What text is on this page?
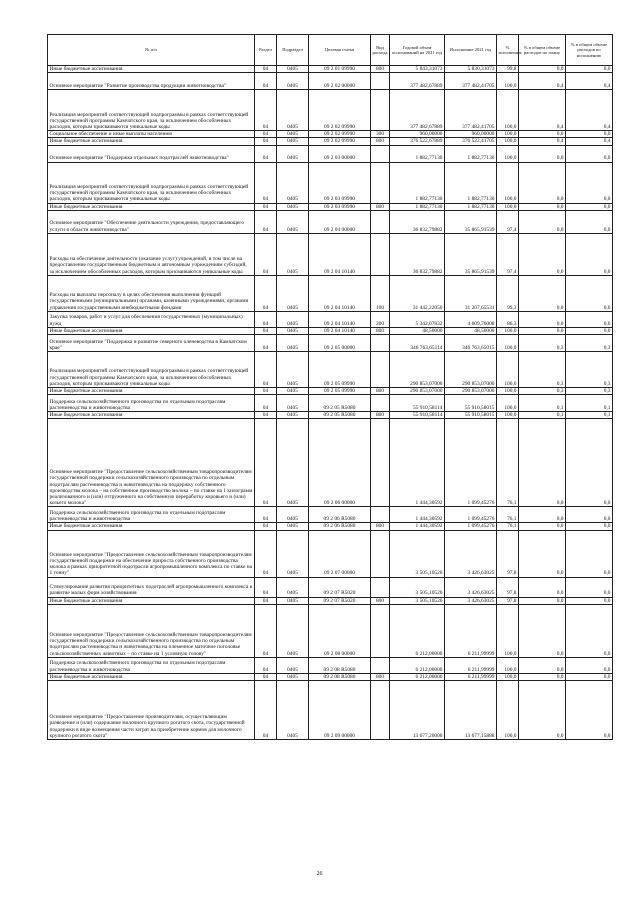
№ п/п	Раздел	Подраздел	Целевая статья	Вид расхода	Годовой объем ассигнований на 2021 год	Исполнение 2021 год	% исполнения	% в общем объеме расходов по плану	% в общем объеме расходов по исполнению
Иные бюджетные ассигнования	04	0405	09 2 01 09990	800	5 843,31073	5 830,31073	99,8	0,0	0,0
Основное мероприятие "Развитие производства продукции животноводства"	04	0405	09 2 02 00000		377 482,67889	377 482,41705	100,0	0,4	0,4
Реализация мероприятий соответствующей подпрограммы в рамках соответствующей государственной программы Камчатского края, за исключением обособленных расходов, которым присваиваются уникальные коды	04	0405	09 2 02 09990		377 482,67889	377 482,41705	100,0	0,4	0,4
Социальное обеспечение и иные выплаты населению	04	0405	09 2 02 09990	300	960,00000	960,00000	100,0	0,0	0,0
Иные бюджетные ассигнования	04	0405	09 2 02 09990	800	376 522,67889	376 522,41705	100,0	0,4	0,4
Основное мероприятие "Поддержка отдельных подотраслей животноводства"	04	0405	09 2 03 00000		1 882,77130	1 882,77130	100,0	0,0	0,0
Реализация мероприятий соответствующей подпрограммы в рамках соответствующей государственной программы Камчатского края, за исключением обособленных расходов, которым присваиваются уникальные коды	04	0405	09 2 03 09990		1 882,77130	1 882,77130	100,0	0,0	0,0
Иные бюджетные ассигнования	04	0405	09 2 03 09990	800	1 882,77130	1 882,77130	100,0	0,0	0,0
Основное мероприятие "Обеспечение деятельности учреждения, предоставляющего услуги в области животноводства"	04	0405	09 2 04 00000		36 832,79882	35 865,91539	97,4	0,0	0,0
Расходы на обеспечение деятельности (оказание услуг) учреждений, в том числе на предоставление государственным бюджетным и автономным учреждениям субсидий, за исключением обособленных расходов, которым присваиваются уникальные коды	04	0405	09 2 04 10140		36 832,79882	35 865,91539	97,4	0,0	0,0
Расходы на выплаты персоналу в целях обеспечения выполнения функций государственными (муниципальными) органами, казенными учреждениями, органами управления государственными внебюджетными фондами	04	0405	09 2 04 10140	100	31 442,22050	31 207,65531	99,3	0,0	0,0
Закупка товаров, работ и услуг для обеспечения государственных (муниципальных) нужд	04	0405	09 2 04 10140	200	5 342,07832	4 609,76008	86,3	0,0	0,0
Иные бюджетные ассигнования	04	0405	09 2 04 10140	800	48,50000	48,50000	100,0	0,0	0,0
Основное мероприятие "Поддержка и развитие северного оленеводства в Камчатском крае"	04	0405	09 2 05 00000		346 763,65114	346 763,65015	100,0	0,3	0,3
Реализация мероприятий соответствующей подпрограммы в рамках соответствующей государственной программы Камчатского края, за исключением обособленных расходов, которым присваиваются уникальные коды	04	0405	09 2 05 09990		290 853,07000	290 853,07000	100,0	0,3	0,3
Иные бюджетные ассигнования	04	0405	09 2 05 09990	800	290 853,07000	290 853,07000	100,0	0,3	0,3
Поддержка сельскохозяйственного производства по отдельным подотраслям растениеводства и животноводства	04	0405	09 2 05 R5080		55 910,58114	55 910,58015	100,0	0,1	0,1
Иные бюджетные ассигнования	04	0405	09 2 05 R5080	800	55 910,58114	55 910,58015	100,0	0,1	0,1
Основное мероприятие "Предоставление сельскохозяйственным товаропроизводителям государственной поддержки сельскохозяйственного производства по отдельным подотраслям растениеводства и животноводства на поддержку собственного производства молока – на собственное производство молока – по ставке на 1 килограмм реализованного и (или) отгруженного на собственную переработку коровьего и (или) козьего молока"	04	0405	09 2 06 00000		1 444,30592	1 099,45276	76,1	0,0	0,0
Поддержка сельскохозяйственного производства по отдельным подотраслям растениеводства и животноводства	04	0405	09 2 06 R5080		1 444,30592	1 099,45276	76,1	0,0	0,0
Иные бюджетные ассигнования	04	0405	09 2 06 R5080	800	1 444,30592	1 099,45276	76,1	0,0	0,0
Основное мероприятие "Предоставление сельскохозяйственным товаропроизводителям государственной поддержки на обеспечение прироста собственного производства молока в рамках приоритетной подотрасли агропромышленного комплекса по ставке на 1 тонну"	04	0405	09 2 07 00000		3 505,10526	3 426,63025	97,8	0,0	0,0
Стимулирование развития приоритетных подотраслей агропромышленного комплекса и развитие малых форм хозяйствования	04	0405	09 2 07 R5020		3 505,10526	3 426,63025	97,8	0,0	0,0
Иные бюджетные ассигнования	04	0405	09 2 07 R5020	800	3 505,10526	3 426,63025	97,8	0,0	0,0
Основное мероприятие "Предоставление сельскохозяйственным товаропроизводителям государственной поддержки сельскохозяйственного производства по отдельным подотраслям растениеводства и животноводства на племенное маточное поголовье сельскохозяйственных животных – по ставке на 1 условную голову"	04	0405	09 2 08 00000		6 212,00000	6 211,99999	100,0	0,0	0,0
Поддержка сельскохозяйственного производства по отдельным подотраслям растениеводства и животноводства	04	0405	09 2 08 R5080		6 212,00000	6 211,99999	100,0	0,0	0,0
Иные бюджетные ассигнования	04	0405	09 2 08 R5080	800	6 212,00000	6 211,99999	100,0	0,0	0,0
Основное мероприятие "Предоставление производителям, осуществляющим разведение и (или) содержание молочного крупного рогатого скота, государственной поддержки в виде возмещения части затрат на приобретение кормов для молочного крупного рогатого скота"	04	0405	09 2 09 00000		13 677,20000	13 677,15888	100,0	0,0	0,0
26
